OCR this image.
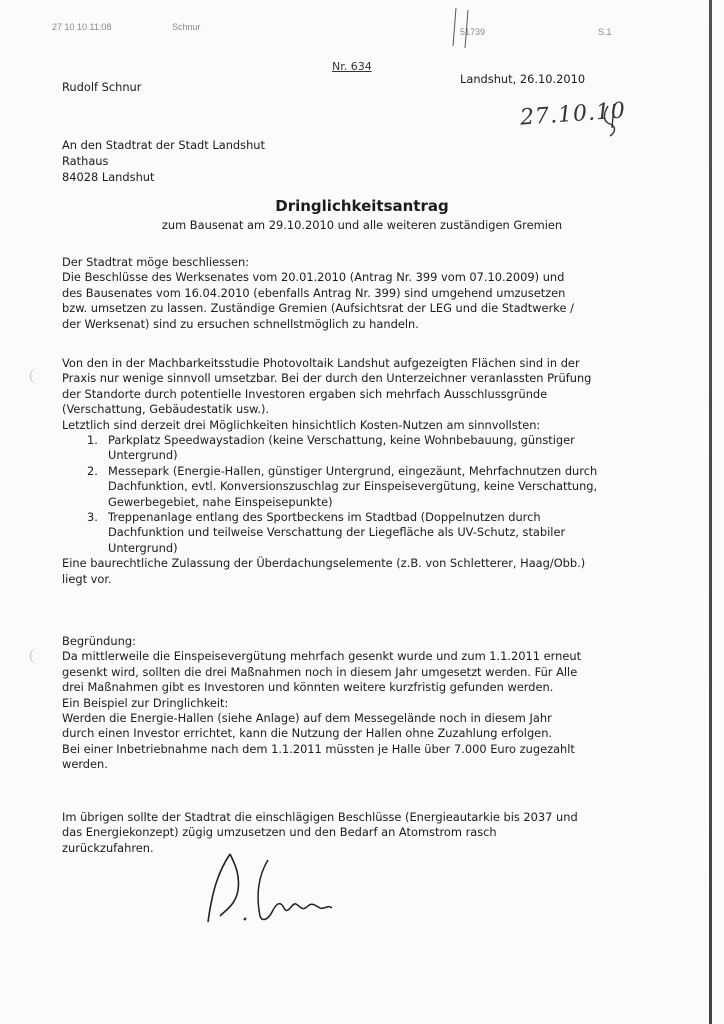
27 10 10 11:08	Schnur	51739	S.1
Nr. 634
Rudolf Schnur
Landshut, 26.10.2010
27.10.10
An den Stadtrat der Stadt Landshut
Rathaus
84028 Landshut
Dringlichkeitsantrag
zum Bausenat am 29.10.2010 und alle weiteren zuständigen Gremien
Der Stadtrat möge beschliessen:
Die Beschlüsse des Werksenates vom 20.01.2010 (Antrag Nr. 399 vom 07.10.2009) und
des Bausenates vom 16.04.2010 (ebenfalls Antrag Nr. 399) sind umgehend umzusetzen
bzw. umsetzen zu lassen. Zuständige Gremien (Aufsichtsrat der LEG und die Stadtwerke /
der Werksenat) sind zu ersuchen schnellstmöglich zu handeln.
Von den in der Machbarkeitsstudie Photovoltaik Landshut aufgezeigten Flächen sind in der
Praxis nur wenige sinnvoll umsetzbar. Bei der durch den Unterzeichner veranlassten Prüfung
der Standorte durch potentielle Investoren ergaben sich mehrfach Ausschlussgründe
(Verschattung, Gebäudestatik usw.).
Letztlich sind derzeit drei Möglichkeiten hinsichtlich Kosten-Nutzen am sinnvollsten:
1. Parkplatz Speedwaystadion (keine Verschattung, keine Wohnbebauung, günstiger
Untergrund)
2. Messepark (Energie-Hallen, günstiger Untergrund, eingezäunt, Mehrfachnutzen durch
Dachfunktion, evtl. Konversionszuschlag zur Einspeisevergütung, keine Verschattung,
Gewerbegebiet, nahe Einspeisepunkte)
3. Treppenanlage entlang des Sportbeckens im Stadtbad (Doppelnutzen durch
Dachfunktion und teilweise Verschattung der Liegefläche als UV-Schutz, stabiler
Untergrund)
Eine baurechtliche Zulassung der Überdachungselemente (z.B. von Schletterer, Haag/Obb.)
liegt vor.
Begründung:
Da mittlerweile die Einspeisevergütung mehrfach gesenkt wurde und zum 1.1.2011 erneut
gesenkt wird, sollten die drei Maßnahmen noch in diesem Jahr umgesetzt werden. Für Alle
drei Maßnahmen gibt es Investoren und könnten weitere kurzfristig gefunden werden.
Ein Beispiel zur Dringlichkeit:
Werden die Energie-Hallen (siehe Anlage) auf dem Messegelände noch in diesem Jahr
durch einen Investor errichtet, kann die Nutzung der Hallen ohne Zuzahlung erfolgen.
Bei einer Inbetriebnahme nach dem 1.1.2011 müssten je Halle über 7.000 Euro zugezahlt
werden.
Im übrigen sollte der Stadtrat die einschlägigen Beschlüsse (Energieautarkie bis 2037 und
das Energiekonzept) zügig umzusetzen und den Bedarf an Atomstrom rasch
zurückzufahren.
